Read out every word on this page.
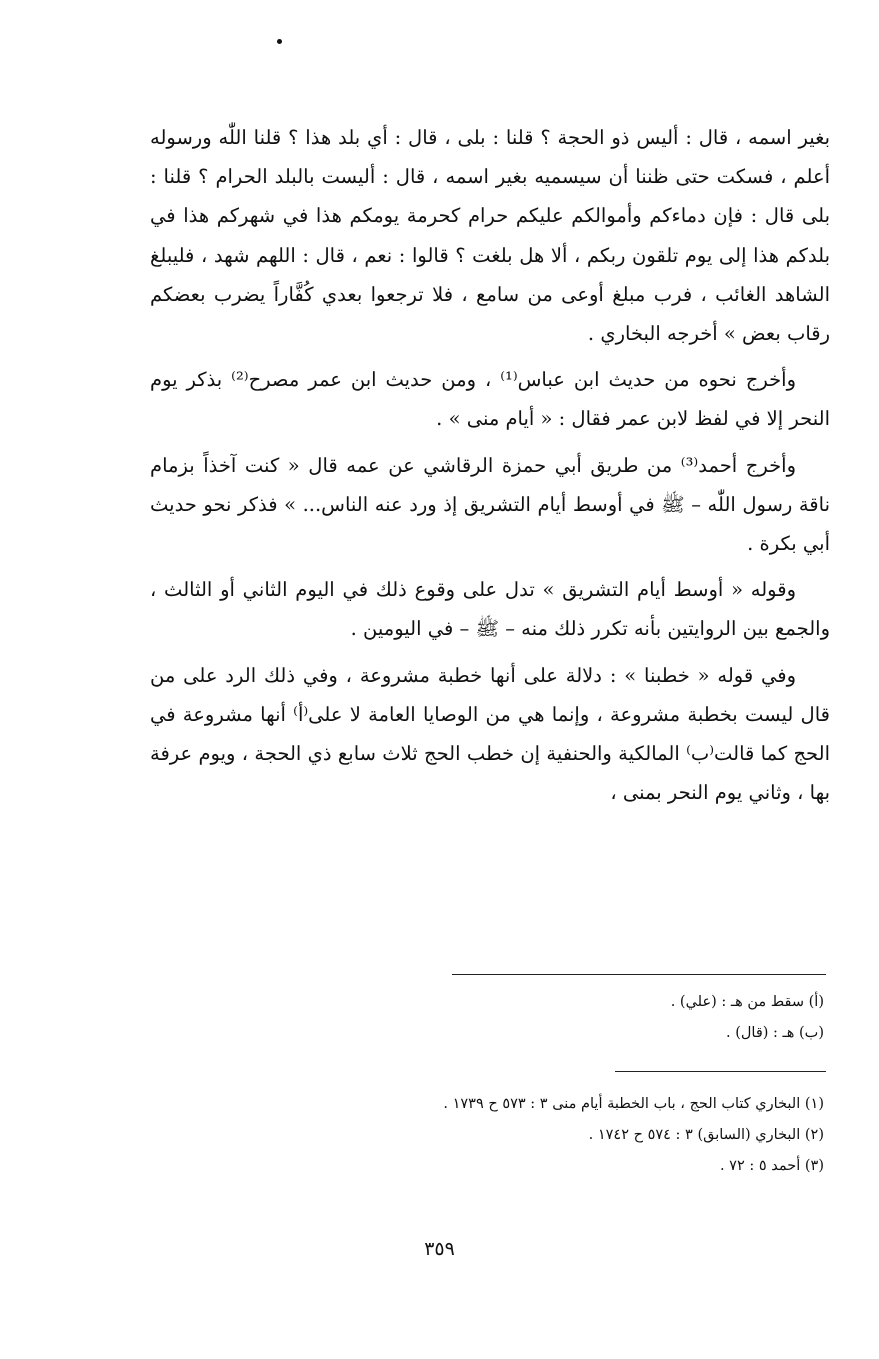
بغير اسمه ، قال : أليس ذو الحجة ؟ قلنا : بلى ، قال : أي بلد هذا ؟ قلنا اللّٰه ورسوله أعلم ، فسكت حتى ظننا أن سيسميه بغير اسمه ، قال : أليست بالبلد الحرام ؟ قلنا : بلى قال : فإن دماءكم وأموالكم عليكم حرام كحرمة يومكم هذا في شهركم هذا في بلدكم هذا إلى يوم تلقون ربكم ، ألا هل بلغت ؟ قالوا : نعم ، قال : اللهم شهد ، فليبلغ الشاهد الغائب ، فرب مبلغ أوعى من سامع ، فلا ترجعوا بعدي كُفَّاراً يضرب بعضكم رقاب بعض » أخرجه البخاري .

وأخرج نحوه من حديث ابن عباس⁽¹⁾ ، ومن حديث ابن عمر مصرح⁽²⁾ بذكر يوم النحر إلا في لفظ لابن عمر فقال : « أيام منى » .

وأخرج أحمد⁽³⁾ من طريق أبي حمزة الرقاشي عن عمه قال « كنت آخذاً بزمام ناقة رسول اللّٰه – ﷺ في أوسط أيام التشريق إذ ورد عنه الناس... » فذكر نحو حديث أبي بكرة .

وقوله « أوسط أيام التشريق » تدل على وقوع ذلك في اليوم الثاني أو الثالث ، والجمع بين الروايتين بأنه تكرر ذلك منه – ﷺ – في اليومين .

وفي قوله « خطبنا » : دلالة على أنها خطبة مشروعة ، وفي ذلك الرد على من قال ليست بخطبة مشروعة ، وإنما هي من الوصايا العامة لا على⁽أ⁾ أنها مشروعة في الحج كما قالت⁽ب⁾ المالكية والحنفية إن خطب الحج ثلاث سابع ذي الحجة ، ويوم عرفة بها ، وثاني يوم النحر بمنى ،

(أ) سقط من هـ : (علي) .
(ب) هـ : (قال) .
(١) البخاري كتاب الحج ، باب الخطبة أيام منى ٣ : ٥٧٣ ح ١٧٣٩ .
(٢) البخاري (السابق) ٣ : ٥٧٤ ح ١٧٤٢ .
(٣) أحمد ٥ : ٧٢ .
٣٥٩
